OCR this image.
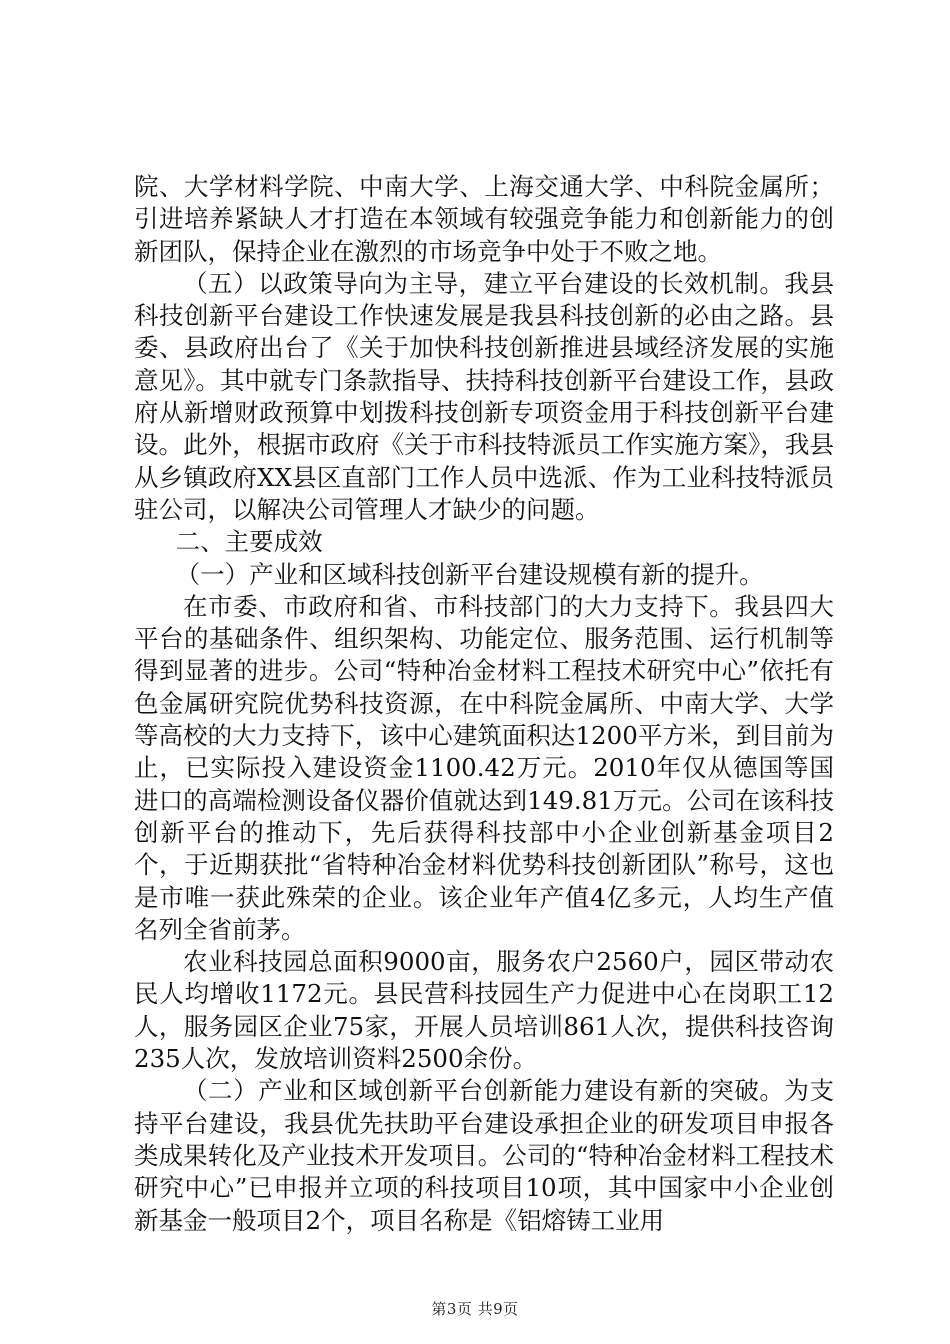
院、大学材料学院、中南大学、上海交通大学、中科院金属所；引进培养紧缺人才打造在本领域有较强竞争能力和创新能力的创新团队，保持企业在激烈的市场竞争中处于不败之地。

（五）以政策导向为主导，建立平台建设的长效机制。我县科技创新平台建设工作快速发展是我县科技创新的必由之路。县委、县政府出台了《关于加快科技创新推进县域经济发展的实施意见》。其中就专门条款指导、扶持科技创新平台建设工作，县政府从新增财政预算中划拨科技创新专项资金用于科技创新平台建设。此外，根据市政府《关于市科技特派员工作实施方案》，我县从乡镇政府XX县区直部门工作人员中选派、作为工业科技特派员驻公司，以解决公司管理人才缺少的问题。

二、主要成效

（一）产业和区域科技创新平台建设规模有新的提升。

在市委、市政府和省、市科技部门的大力支持下。我县四大平台的基础条件、组织架构、功能定位、服务范围、运行机制等得到显著的进步。公司“特种冶金材料工程技术研究中心”依托有色金属研究院优势科技资源，在中科院金属所、中南大学、大学等高校的大力支持下，该中心建筑面积达1200平方米，到目前为止，已实际投入建设资金1100.42万元。2010年仅从德国等国进口的高端检测设备仪器价值就达到149.81万元。公司在该科技创新平台的推动下，先后获得科技部中小企业创新基金项目2个，于近期获批“省特种冶金材料优势科技创新团队”称号，这也是市唯一获此殊荣的企业。该企业年产值4亿多元，人均生产值名列全省前茅。

农业科技园总面积9000亩，服务农户2560户，园区带动农民人均增收1172元。县民营科技园生产力促进中心在岗职工12人，服务园区企业75家，开展人员培训861人次，提供科技咨询235人次，发放培训资料2500余份。

（二）产业和区域创新平台创新能力建设有新的突破。为支持平台建设，我县优先扶助平台建设承担企业的研发项目申报各类成果转化及产业技术开发项目。公司的“特种冶金材料工程技术研究中心”已申报并立项的科技项目10项，其中国家中小企业创新基金一般项目2个，项目名称是《铝熔铸工业用

第3页 共9页
